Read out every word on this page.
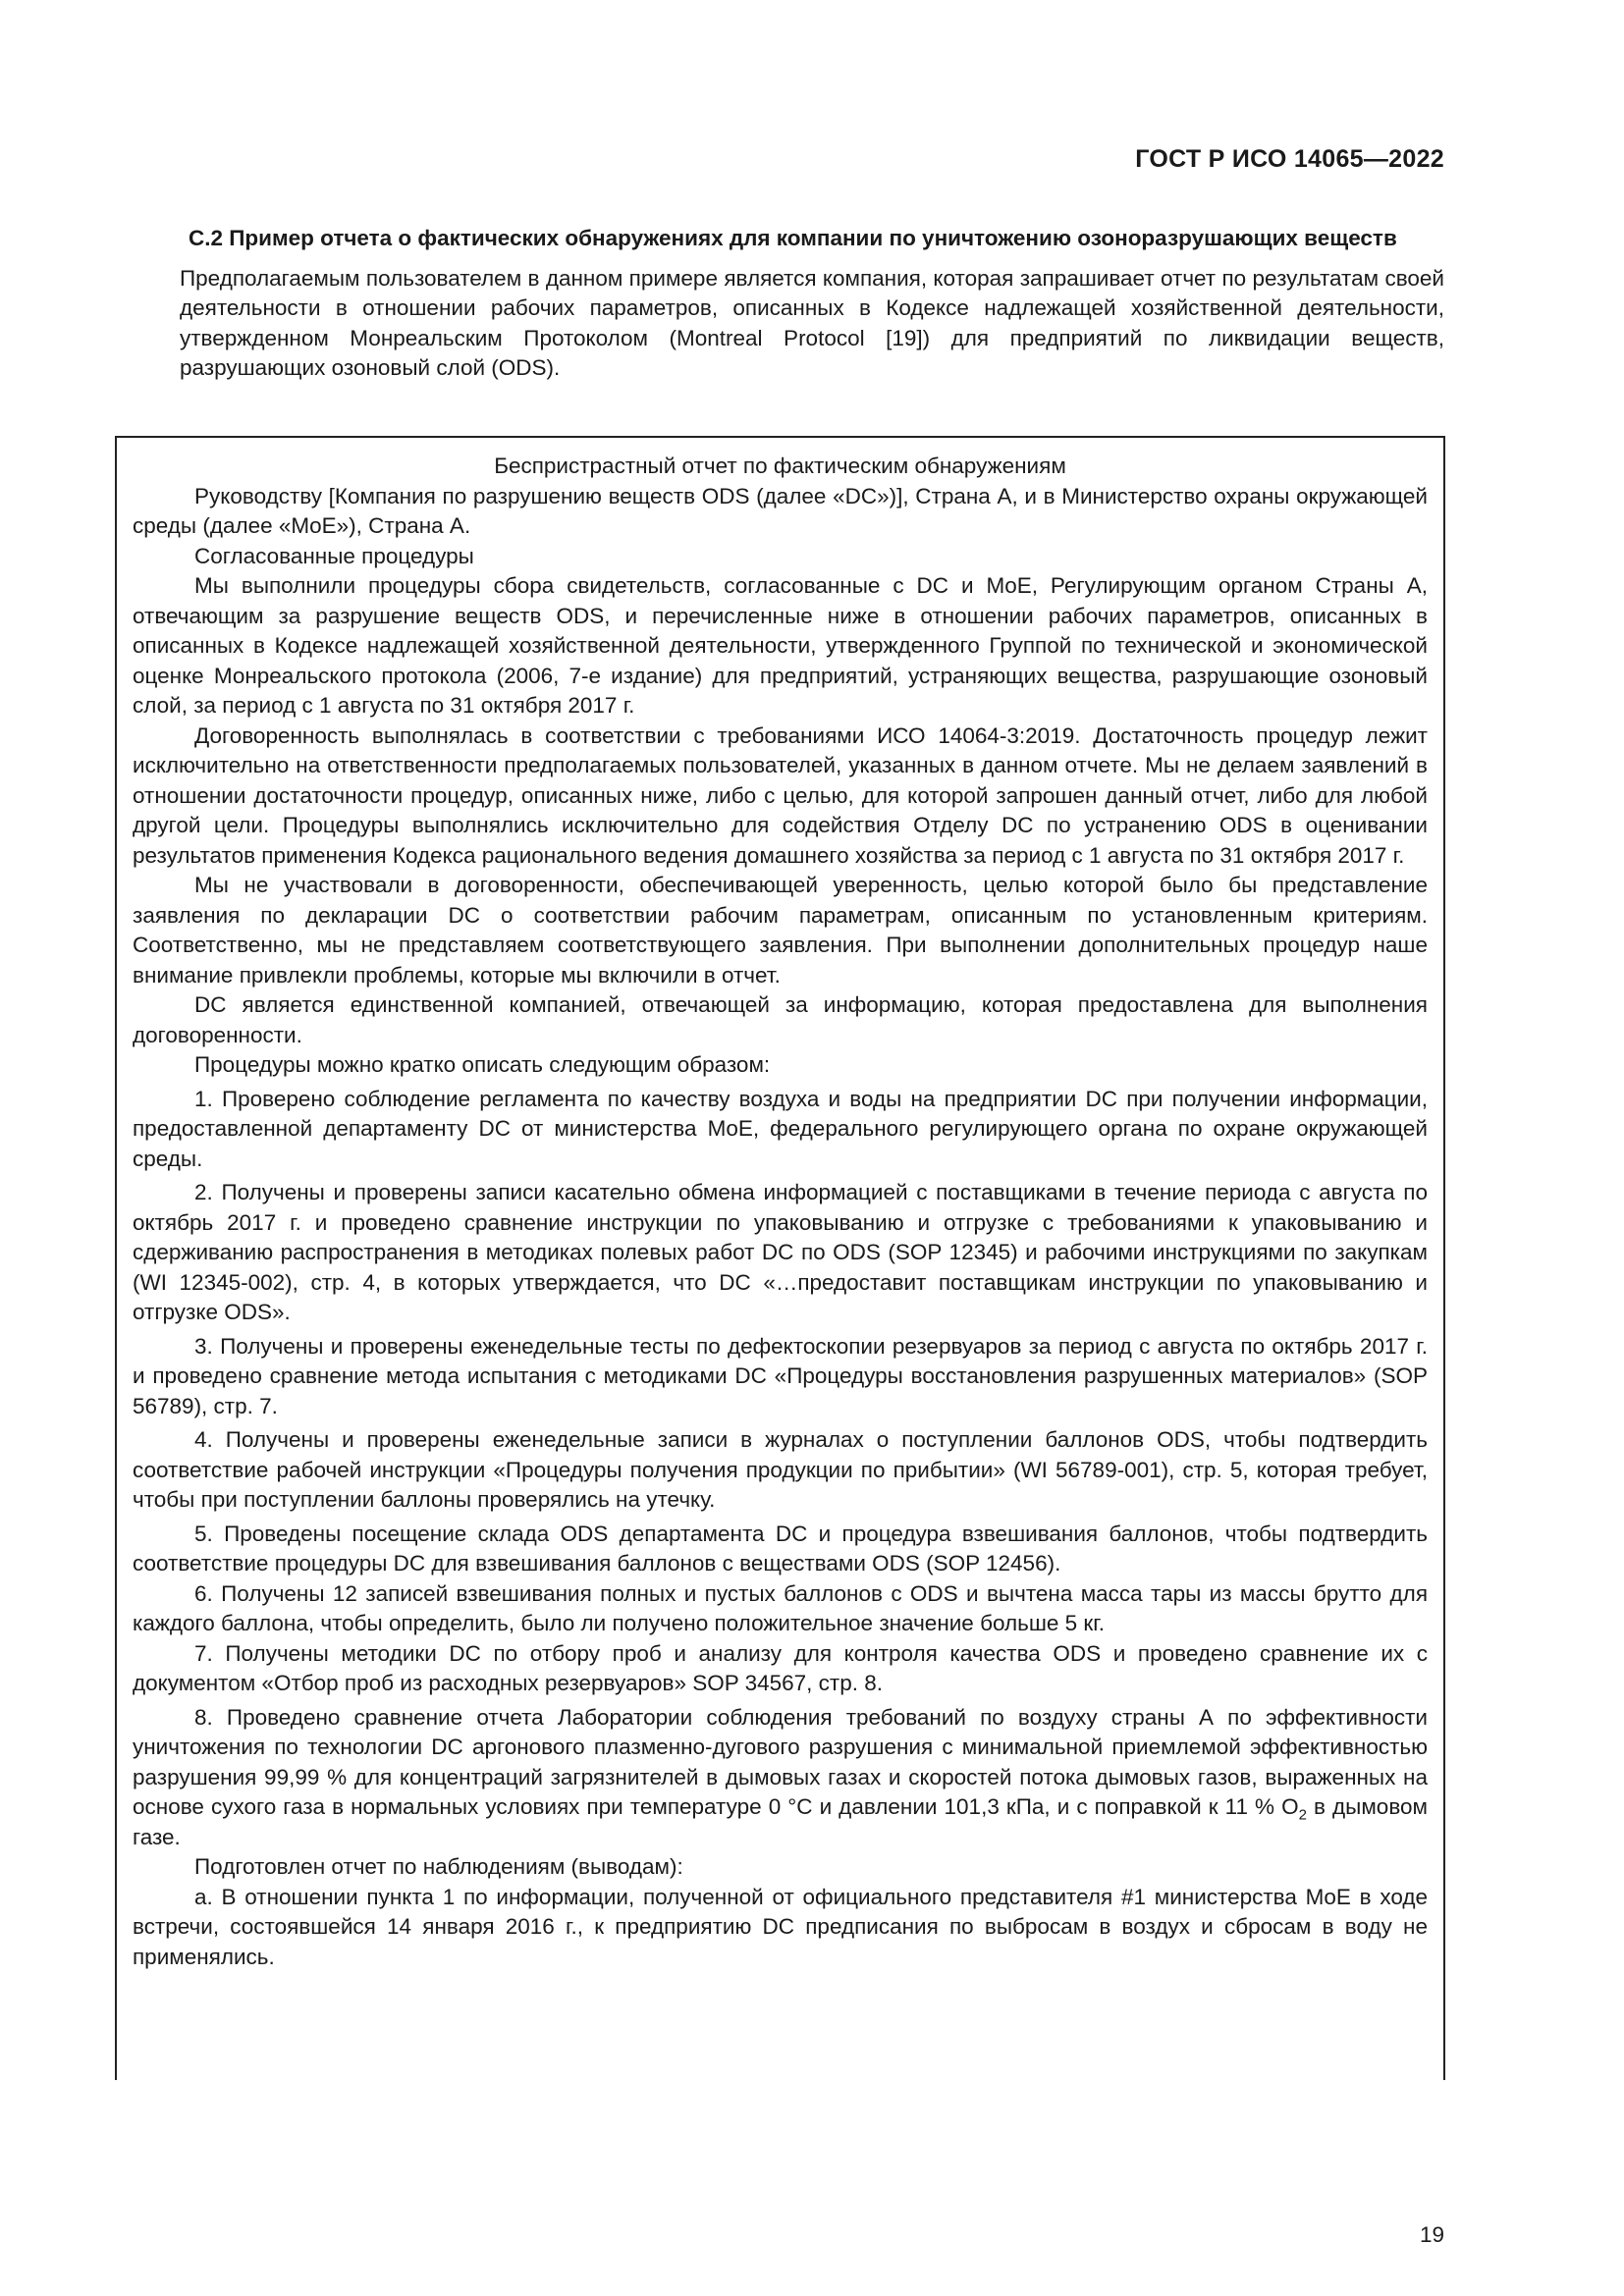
ГОСТ Р ИСО 14065—2022
С.2 Пример отчета о фактических обнаружениях для компании по уничтожению озоноразрушающих веществ

Предполагаемым пользователем в данном примере является компания, которая запрашивает отчет по результатам своей деятельности в отношении рабочих параметров, описанных в Кодексе надлежащей хозяйственной деятельности, утвержденном Монреальским Протоколом (Montreal Protocol [19]) для предприятий по ликвидации веществ, разрушающих озоновый слой (ODS).

Беспристрастный отчет по фактическим обнаружениям

Руководству [Компания по разрушению веществ ODS (далее «DC»)], Страна А, и в Министерство охраны окружающей среды (далее «MoE»), Страна А.

Согласованные процедуры

Мы выполнили процедуры сбора свидетельств, согласованные с DC и MoE, Регулирующим органом Страны А, отвечающим за разрушение веществ ODS, и перечисленные ниже в отношении рабочих параметров, описанных в описанных в Кодексе надлежащей хозяйственной деятельности, утвержденного Группой по технической и экономической оценке Монреальского протокола (2006, 7-е издание) для предприятий, устраняющих вещества, разрушающие озоновый слой, за период с 1 августа по 31 октября 2017 г.

Договоренность выполнялась в соответствии с требованиями ИСО 14064-3:2019. Достаточность процедур лежит исключительно на ответственности предполагаемых пользователей, указанных в данном отчете. Мы не делаем заявлений в отношении достаточности процедур, описанных ниже, либо с целью, для которой запрошен данный отчет, либо для любой другой цели. Процедуры выполнялись исключительно для содействия Отделу DC по устранению ODS в оценивании результатов применения Кодекса рационального ведения домашнего хозяйства за период с 1 августа по 31 октября 2017 г.

Мы не участвовали в договоренности, обеспечивающей уверенность, целью которой было бы представление заявления по декларации DC о соответствии рабочим параметрам, описанным по установленным критериям. Соответственно, мы не представляем соответствующего заявления. При выполнении дополнительных процедур наше внимание привлекли проблемы, которые мы включили в отчет.

DC является единственной компанией, отвечающей за информацию, которая предоставлена для выполнения договоренности.

Процедуры можно кратко описать следующим образом:

1. Проверено соблюдение регламента по качеству воздуха и воды на предприятии DC при получении информации, предоставленной департаменту DC от министерства MoE, федерального регулирующего органа по охране окружающей среды.

2. Получены и проверены записи касательно обмена информацией с поставщиками в течение периода с августа по октябрь 2017 г. и проведено сравнение инструкции по упаковыванию и отгрузке с требованиями к упаковыванию и сдерживанию распространения в методиках полевых работ DC по ODS (SOP 12345) и рабочими инструкциями по закупкам (WI 12345-002), стр. 4, в которых утверждается, что DC «…предоставит поставщикам инструкции по упаковыванию и отгрузке ODS».

3. Получены и проверены еженедельные тесты по дефектоскопии резервуаров за период с августа по октябрь 2017 г. и проведено сравнение метода испытания с методиками DC «Процедуры восстановления разрушенных материалов» (SOP 56789), стр. 7.

4. Получены и проверены еженедельные записи в журналах о поступлении баллонов ODS, чтобы подтвердить соответствие рабочей инструкции «Процедуры получения продукции по прибытии» (WI 56789-001), стр. 5, которая требует, чтобы при поступлении баллоны проверялись на утечку.

5. Проведены посещение склада ODS департамента DC и процедура взвешивания баллонов, чтобы подтвердить соответствие процедуры DC для взвешивания баллонов с веществами ODS (SOP 12456).

6. Получены 12 записей взвешивания полных и пустых баллонов с ODS и вычтена масса тары из массы брутто для каждого баллона, чтобы определить, было ли получено положительное значение больше 5 кг.

7. Получены методики DC по отбору проб и анализу для контроля качества ODS и проведено сравнение их с документом «Отбор проб из расходных резервуаров» SOP 34567, стр. 8.

8. Проведено сравнение отчета Лаборатории соблюдения требований по воздуху страны А по эффективности уничтожения по технологии DC аргонового плазменно-дугового разрушения с минимальной приемлемой эффективностью разрушения 99,99 % для концентраций загрязнителей в дымовых газах и скоростей потока дымовых газов, выраженных на основе сухого газа в нормальных условиях при температуре 0 °C и давлении 101,3 кПа, и с поправкой к 11 % $O_2$ в дымовом газе.

Подготовлен отчет по наблюдениям (выводам):

a. В отношении пункта 1 по информации, полученной от официального представителя #1 министерства MoE в ходе встречи, состоявшейся 14 января 2016 г., к предприятию DC предписания по выбросам в воздух и сбросам в воду не применялись.

19
